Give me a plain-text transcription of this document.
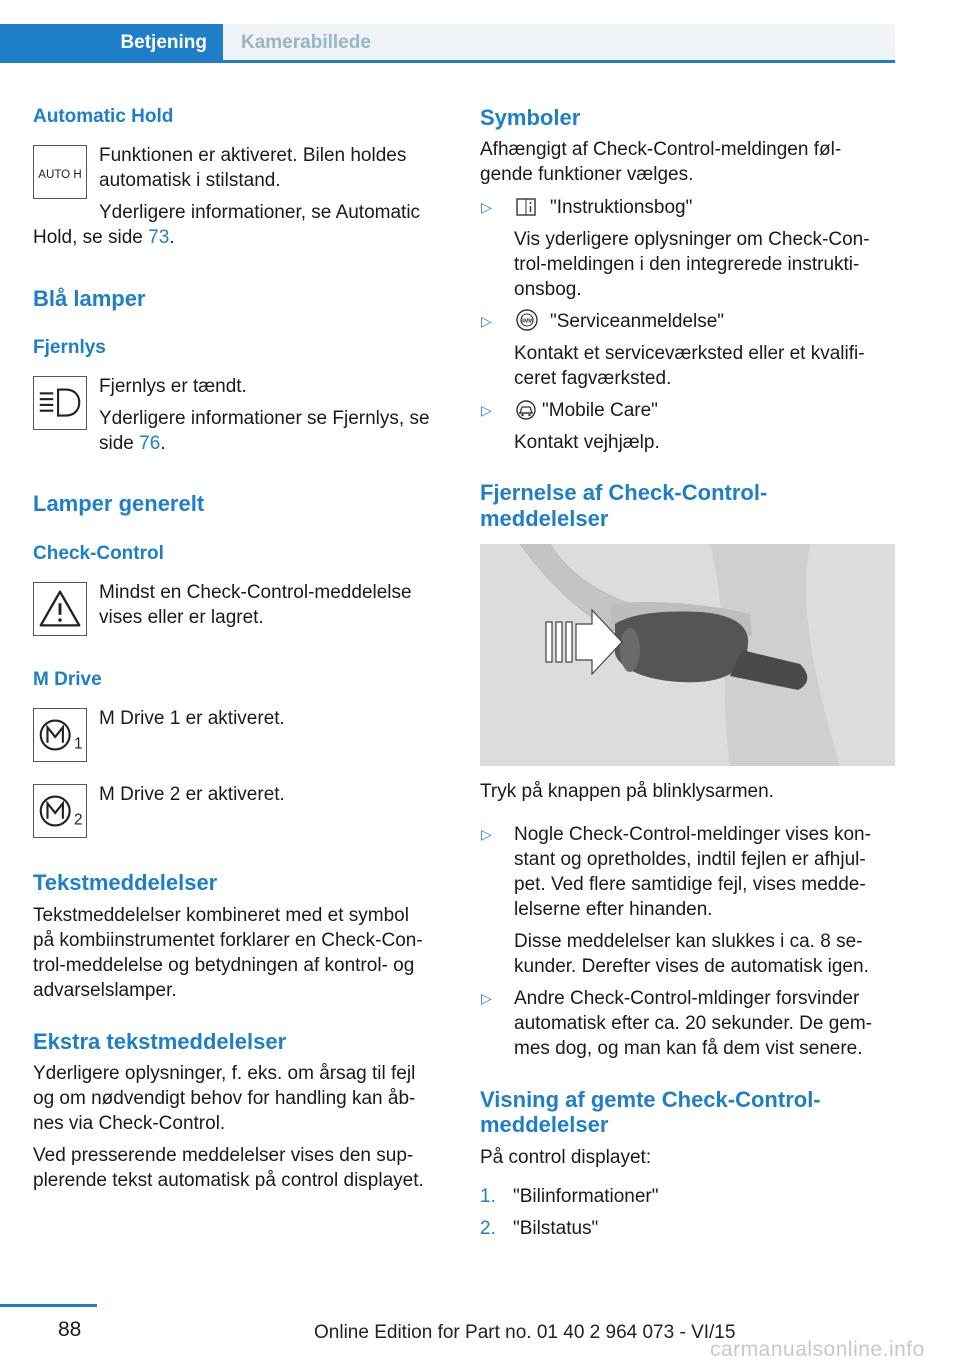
Kamerabillede
Betjening
Automatic Hold
AUTO H
Funktionen er aktiveret. Bilen holdes
automatisk i stilstand.
Yderligere informationer, se Automatic
Hold, se side 73.
Blå lamper
Fjernlys
Fjernlys er tændt.
Yderligere informationer se Fjernlys, se
side 76.
Lamper generelt
Check-Control
Mindst en Check-Control-meddelelse
vises eller er lagret.
M Drive
1
M Drive 1 er aktiveret.
2
M Drive 2 er aktiveret.
Tekstmeddelelser
Tekstmeddelelser kombineret med et symbol
på kombiinstrumentet forklarer en Check-Con‐
trol-meddelelse og betydningen af kontrol- og
advarselslamper.
Ekstra tekstmeddelelser
Yderligere oplysninger, f. eks. om årsag til fejl
og om nødvendigt behov for handling kan åb‐
nes via Check-Control.
Ved presserende meddelelser vises den sup‐
plerende tekst automatisk på control displayet.
Symboler
Afhængigt af Check-Control-meldingen føl‐
gende funktioner vælges.
▷	"Instruktionsbog"
Vis yderligere oplysninger om Check-Con‐
trol-meldingen i den integrerede instrukti‐
onsbog.
▷	BMW "Serviceanmeldelse"
Kontakt et serviceværksted eller et kvalifi‐
ceret fagværksted.
▷	"Mobile Care"
Kontakt vejhjælp.
Fjernelse af Check-Control-
meddelelser
Tryk på knappen på blinklysarmen.
▷ Nogle Check-Control-meldinger vises kon‐
stant og opretholdes, indtil fejlen er afhjul‐
pet. Ved flere samtidige fejl, vises medde‐
lelserne efter hinanden.
Disse meddelelser kan slukkes i ca. 8 se‐
kunder. Derefter vises de automatisk igen.
▷ Andre Check-Control-mldinger forsvinder
automatisk efter ca. 20 sekunder. De gem‐
mes dog, og man kan få dem vist senere.
Visning af gemte Check-Control-
meddelelser
På control displayet:
1. "Bilinformationer"
2. "Bilstatus"
88	Online Edition for Part no. 01 40 2 964 073 - VI/15
carmanualsonline.info
